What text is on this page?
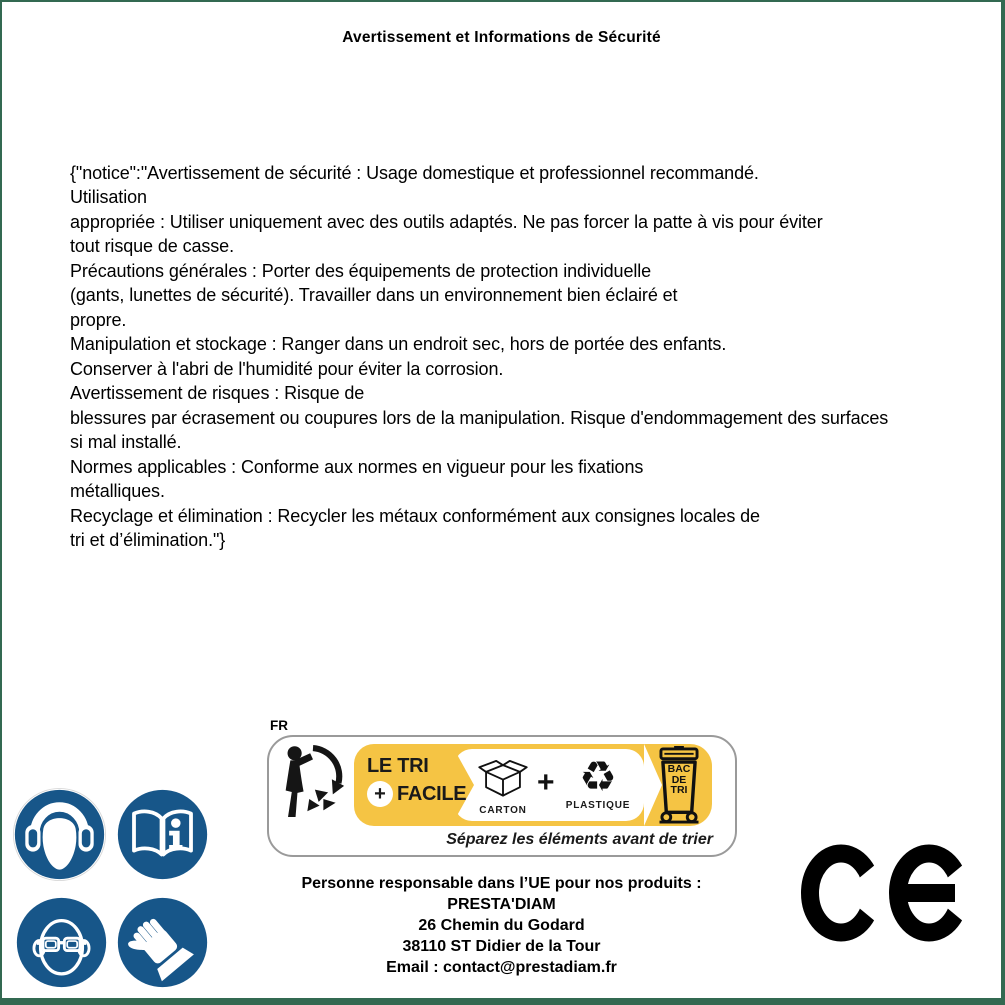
Avertissement et Informations de Sécurité

{"notice":"Avertissement de sécurité : Usage domestique et professionnel recommandé.
Utilisation
appropriée : Utiliser uniquement avec des outils adaptés. Ne pas forcer la patte à vis pour éviter
tout risque de casse.
Précautions générales : Porter des équipements de protection individuelle
(gants, lunettes de sécurité). Travailler dans un environnement bien éclairé et
propre.
Manipulation et stockage : Ranger dans un endroit sec, hors de portée des enfants.
Conserver à l'abri de l'humidité pour éviter la corrosion.
Avertissement de risques : Risque de
blessures par écrasement ou coupures lors de la manipulation. Risque d'endommagement des surfaces
si mal installé.
Normes applicables : Conforme aux normes en vigueur pour les fixations
métalliques.
Recyclage et élimination : Recycler les métaux conformément aux consignes locales de
tri et d’élimination."}
FR
LE TRI
+ FACILE
CARTON
+ ♻
PLASTIQUE
BAC
DE
TRI
Séparez les éléments avant de trier
Personne responsable dans l’UE pour nos produits :
PRESTA'DIAM
26 Chemin du Godard
38110 ST Didier de la Tour
Email : contact@prestadiam.fr
